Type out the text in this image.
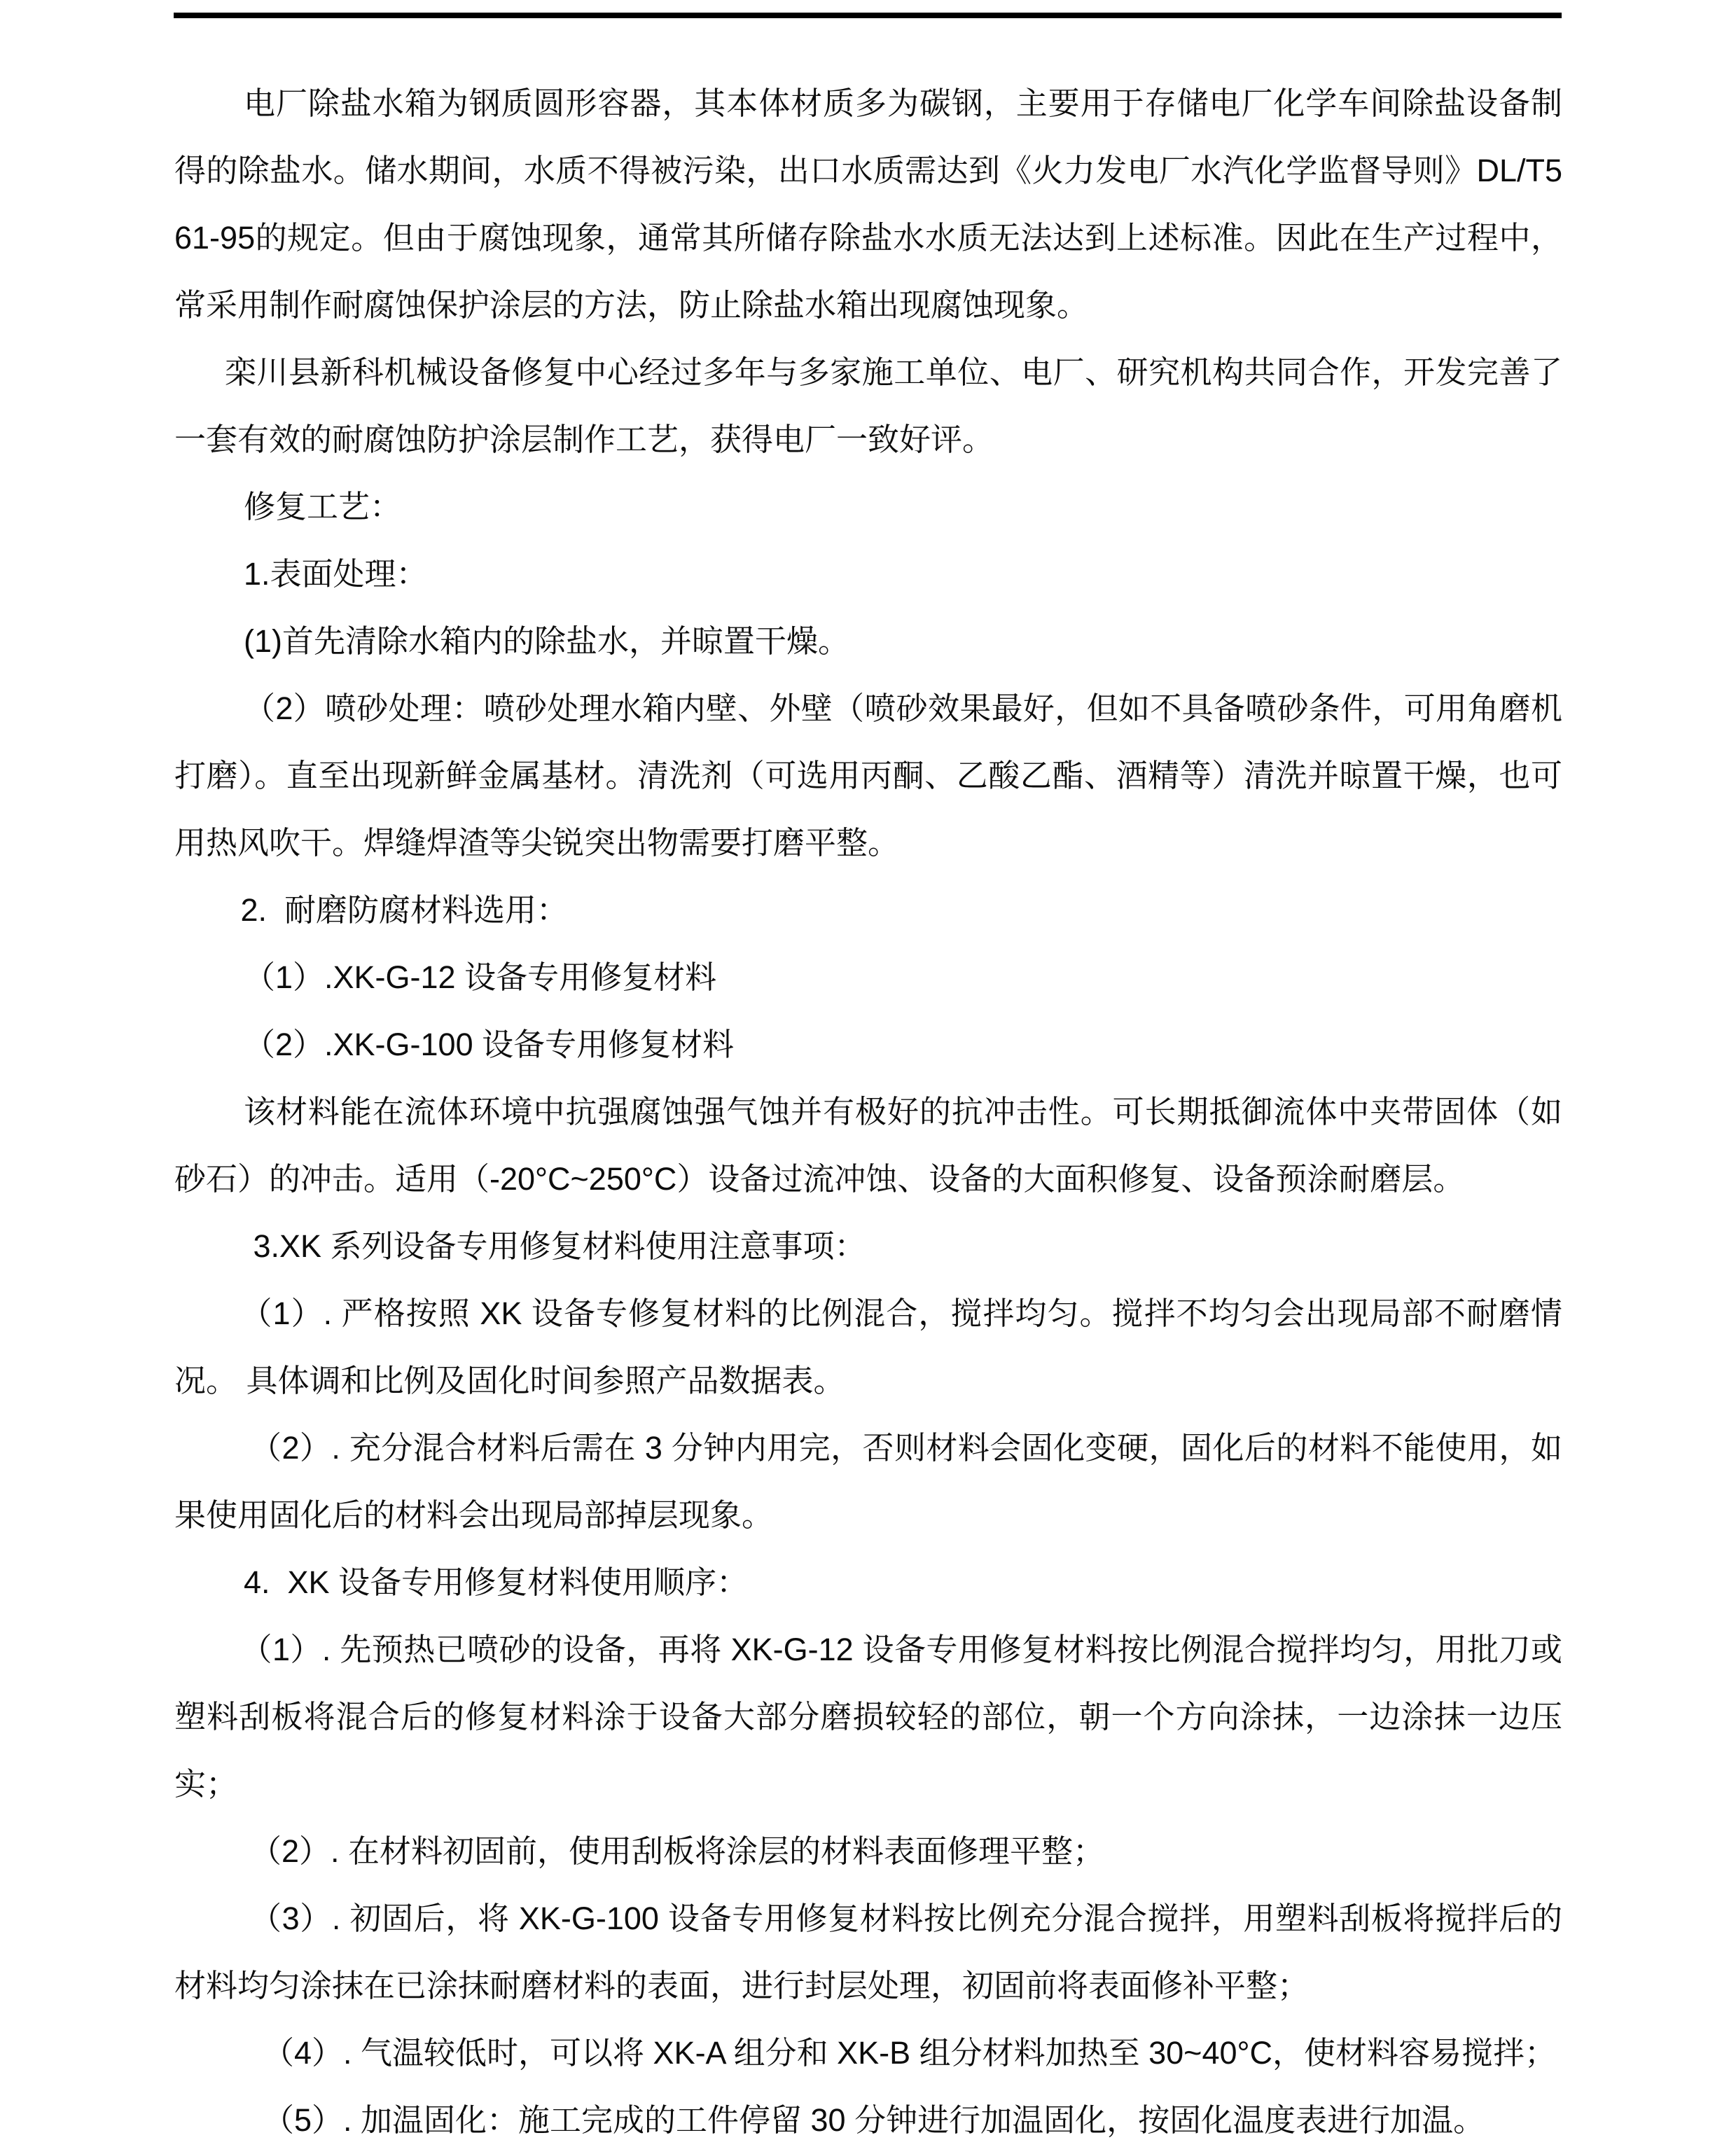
电厂除盐水箱为钢质圆形容器，其本体材质多为碳钢，主要用于存储电厂化学车间除盐设备制得的除盐水。储水期间，水质不得被污染，出口水质需达到《火力发电厂水汽化学监督导则》DL/T561-95的规定。但由于腐蚀现象，通常其所储存除盐水水质无法达到上述标准。因此在生产过程中，常采用制作耐腐蚀保护涂层的方法，防止除盐水箱出现腐蚀现象。

栾川县新科机械设备修复中心经过多年与多家施工单位、电厂、研究机构共同合作，开发完善了一套有效的耐腐蚀防护涂层制作工艺，获得电厂一致好评。

修复工艺：

1.表面处理：

(1)首先清除水箱内的除盐水，并晾置干燥。

（2）喷砂处理：喷砂处理水箱内壁、外壁（喷砂效果最好，但如不具备喷砂条件，可用角磨机打磨）。直至出现新鲜金属基材。清洗剂（可选用丙酮、乙酸乙酯、酒精等）清洗并晾置干燥，也可用热风吹干。焊缝焊渣等尖锐突出物需要打磨平整。

2.  耐磨防腐材料选用：

（1）.XK-G-12 设备专用修复材料

（2）.XK-G-100 设备专用修复材料

该材料能在流体环境中抗强腐蚀强气蚀并有极好的抗冲击性。可长期抵御流体中夹带固体（如砂石）的冲击。适用（-20°C~250°C）设备过流冲蚀、设备的大面积修复、设备预涂耐磨层。

3.XK 系列设备专用修复材料使用注意事项：

（1）. 严格按照 XK 设备专修复材料的比例混合，搅拌均匀。搅拌不均匀会出现局部不耐磨情况。 具体调和比例及固化时间参照产品数据表。

（2）. 充分混合材料后需在 3 分钟内用完，否则材料会固化变硬，固化后的材料不能使用，如果使用固化后的材料会出现局部掉层现象。

4.  XK 设备专用修复材料使用顺序：

（1）. 先预热已喷砂的设备，再将 XK-G-12 设备专用修复材料按比例混合搅拌均匀，用批刀或塑料刮板将混合后的修复材料涂于设备大部分磨损较轻的部位，朝一个方向涂抹，一边涂抹一边压实；

（2）. 在材料初固前，使用刮板将涂层的材料表面修理平整；

（3）. 初固后，将 XK-G-100 设备专用修复材料按比例充分混合搅拌，用塑料刮板将搅拌后的材料均匀涂抹在已涂抹耐磨材料的表面，进行封层处理，初固前将表面修补平整；

（4）. 气温较低时，可以将 XK-A 组分和 XK-B 组分材料加热至 30~40°C，使材料容易搅拌；

（5）. 加温固化：施工完成的工件停留 30 分钟进行加温固化，按固化温度表进行加温。
